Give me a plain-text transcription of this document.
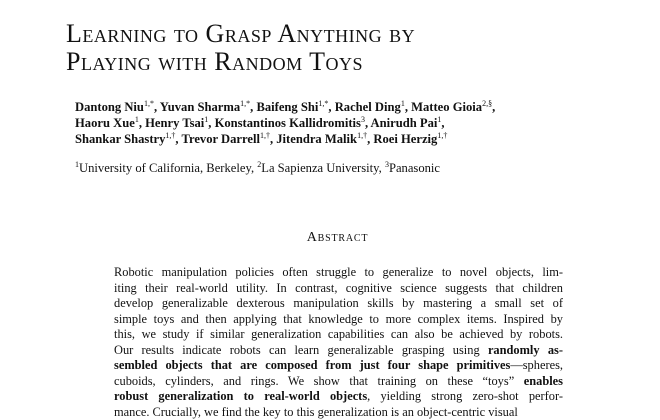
Learning to Grasp Anything by
Playing with Random Toys
Dantong Niu$^{1,*}$, Yuvan Sharma$^{1,*}$, Baifeng Shi$^{1,*}$, Rachel Ding$^1$, Matteo Gioia$^{2,\S}$,
Haoru Xue$^1$, Henry Tsai$^1$, Konstantinos Kallidromitis$^3$, Anirudh Pai$^1$,
Shankar Shastry$^{1,\dagger}$, Trevor Darrell$^{1,\dagger}$, Jitendra Malik$^{1,\dagger}$, Roei Herzig$^{1,\dagger}$
$^1$University of California, Berkeley, $^2$La Sapienza University, $^3$Panasonic
Abstract
Robotic manipulation policies often struggle to generalize to novel objects, lim-
iting their real-world utility. In contrast, cognitive science suggests that children
develop generalizable dexterous manipulation skills by mastering a small set of
simple toys and then applying that knowledge to more complex items. Inspired by
this, we study if similar generalization capabilities can also be achieved by robots.
Our results indicate robots can learn generalizable grasping using randomly as-
sembled objects that are composed from just four shape primitives—spheres,
cuboids, cylinders, and rings. We show that training on these “toys” enables
robust generalization to real-world objects, yielding strong zero-shot perfor-
mance. Crucially, we find the key to this generalization is an object-centric visual
